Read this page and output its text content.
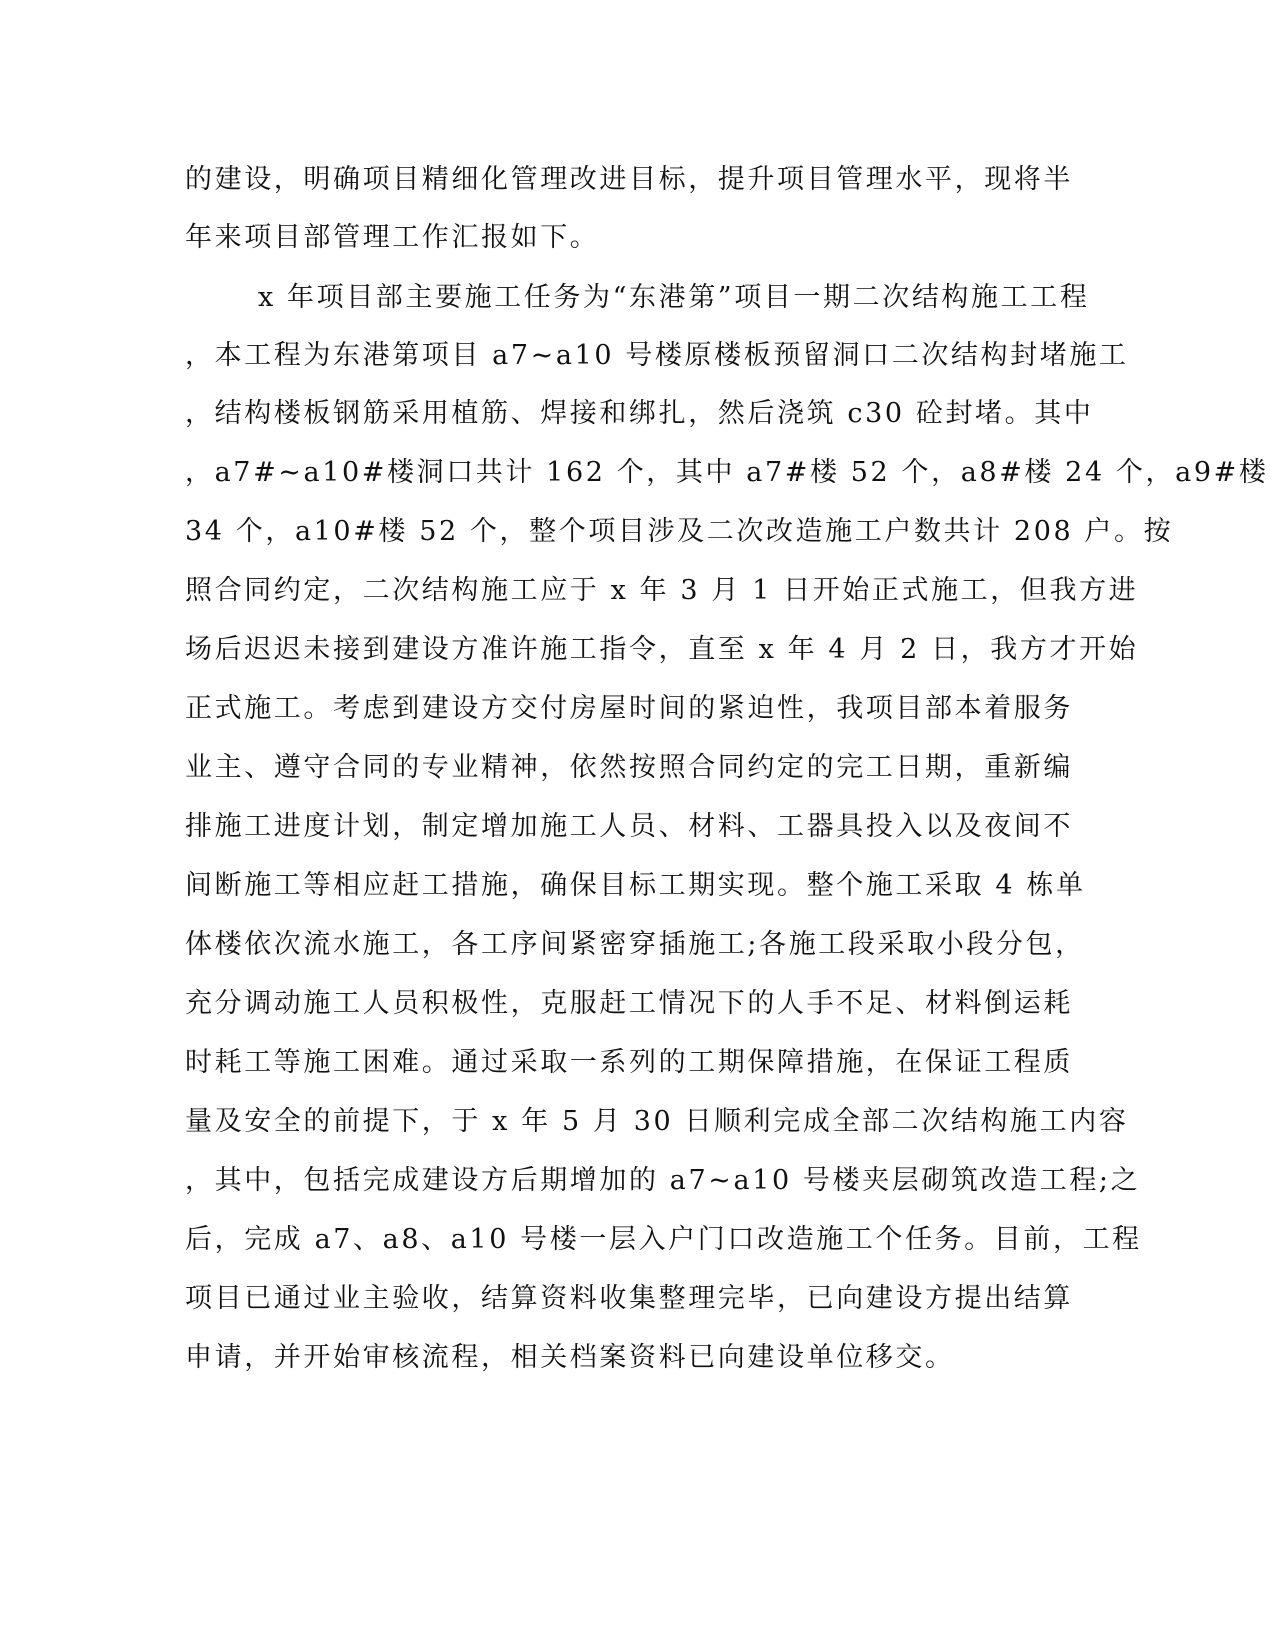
的建设，明确项目精细化管理改进目标，提升项目管理水平，现将半
年来项目部管理工作汇报如下。
x 年项目部主要施工任务为“东港第”项目一期二次结构施工工程
，本工程为东港第项目 a7~a10 号楼原楼板预留洞口二次结构封堵施工
，结构楼板钢筋采用植筋、焊接和绑扎，然后浇筑 c30 砼封堵。其中
，a7#~a10#楼洞口共计 162 个，其中 a7#楼 52 个，a8#楼 24 个，a9#楼
34 个，a10#楼 52 个，整个项目涉及二次改造施工户数共计 208 户。按
照合同约定，二次结构施工应于 x 年 3 月 1 日开始正式施工，但我方进
场后迟迟未接到建设方准许施工指令，直至 x 年 4 月 2 日，我方才开始
正式施工。考虑到建设方交付房屋时间的紧迫性，我项目部本着服务
业主、遵守合同的专业精神，依然按照合同约定的完工日期，重新编
排施工进度计划，制定增加施工人员、材料、工器具投入以及夜间不
间断施工等相应赶工措施，确保目标工期实现。整个施工采取 4 栋单
体楼依次流水施工，各工序间紧密穿插施工;各施工段采取小段分包，
充分调动施工人员积极性，克服赶工情况下的人手不足、材料倒运耗
时耗工等施工困难。通过采取一系列的工期保障措施，在保证工程质
量及安全的前提下，于 x 年 5 月 30 日顺利完成全部二次结构施工内容
，其中，包括完成建设方后期增加的 a7~a10 号楼夹层砌筑改造工程;之
后，完成 a7、a8、a10 号楼一层入户门口改造施工个任务。目前，工程
项目已通过业主验收，结算资料收集整理完毕，已向建设方提出结算
申请，并开始审核流程，相关档案资料已向建设单位移交。
